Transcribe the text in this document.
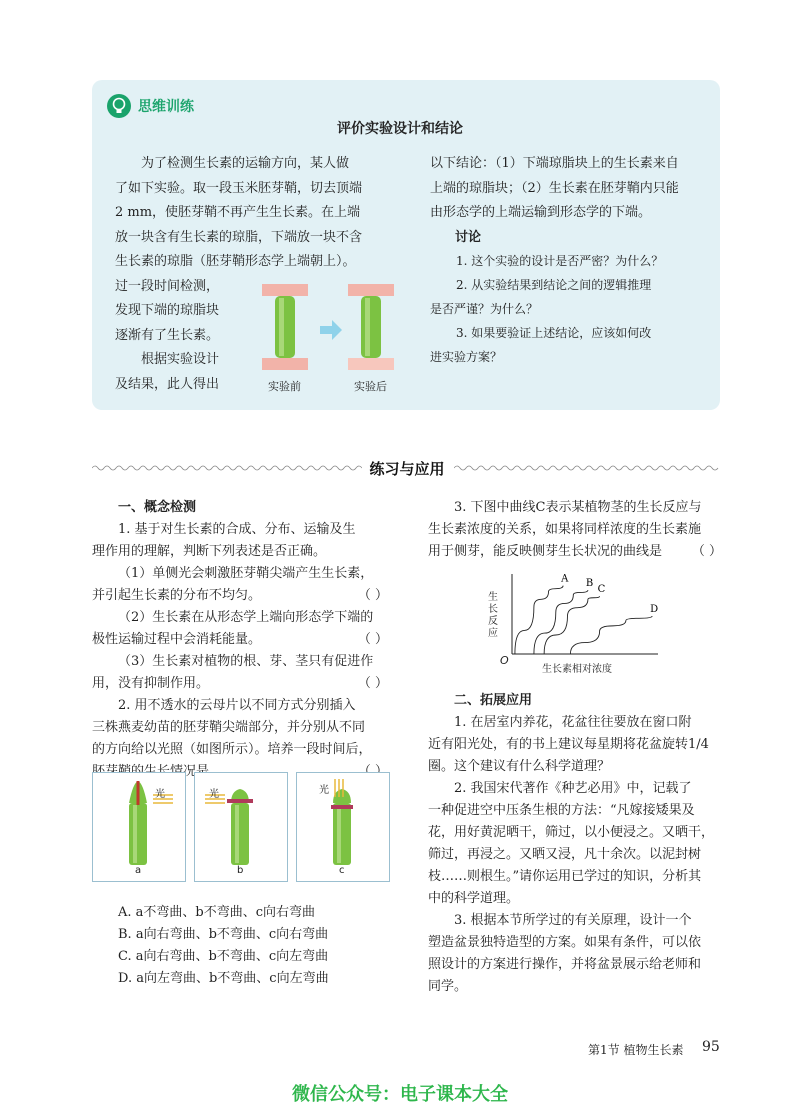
思维训练
评价实验设计和结论
为了检测生长素的运输方向，某人做
了如下实验。取一段玉米胚芽鞘，切去顶端
2 mm，使胚芽鞘不再产生生长素。在上端
放一块含有生长素的琼脂，下端放一块不含
生长素的琼脂（胚芽鞘形态学上端朝上）。
过一段时间检测，
发现下端的琼脂块
逐渐有了生长素。
根据实验设计
及结果，此人得出	实验前	实验后
以下结论：（1）下端琼脂块上的生长素来自
上端的琼脂块；（2）生长素在胚芽鞘内只能
由形态学的上端运输到形态学的下端。
讨论
1. 这个实验的设计是否严密？为什么？
2. 从实验结果到结论之间的逻辑推理
是否严谨？为什么？
3. 如果要验证上述结论，应该如何改
进实验方案？
练习与应用
一、概念检测
1. 基于对生长素的合成、分布、运输及生
理作用的理解，判断下列表述是否正确。
（1）单侧光会刺激胚芽鞘尖端产生生长素，
并引起生长素的分布不均匀。	（ ）
（2）生长素在从形态学上端向形态学下端的
极性运输过程中会消耗能量。	（ ）
（3）生长素对植物的根、芽、茎只有促进作
用，没有抑制作用。	（ ）
2. 用不透水的云母片以不同方式分别插入
三株燕麦幼苗的胚芽鞘尖端部分，并分别从不同
的方向给以光照（如图所示）。培养一段时间后，
光
a
光
b
光
c
A. a不弯曲、b不弯曲、c向右弯曲
B. a向右弯曲、b不弯曲、c向右弯曲
C. a向右弯曲、b不弯曲、c向左弯曲
D. a向左弯曲、b不弯曲、c向左弯曲
3. 下图中曲线C表示某植物茎的生长反应与
生长素浓度的关系，如果将同样浓度的生长素施
用于侧芽，能反映侧芽生长状况的曲线是 （ ）
A B
C
D
生长反应
O
生长素相对浓度
二、拓展应用
1. 在居室内养花，花盆往往要放在窗口附
近有阳光处，有的书上建议每星期将花盆旋转1/4
圈。这个建议有什么科学道理？
2. 我国宋代著作《种艺必用》中，记载了
一种促进空中压条生根的方法：“凡嫁接矮果及
花，用好黄泥晒干，筛过，以小便浸之。又晒干，
筛过，再浸之。又晒又浸，凡十余次。以泥封树
枝……则根生。”请你运用已学过的知识，分析其
中的科学道理。
3. 根据本节所学过的有关原理，设计一个
塑造盆景独特造型的方案。如果有条件，可以依
照设计的方案进行操作，并将盆景展示给老师和
同学。
第1节 植物生长素 95
微信公众号：电子课本大全
